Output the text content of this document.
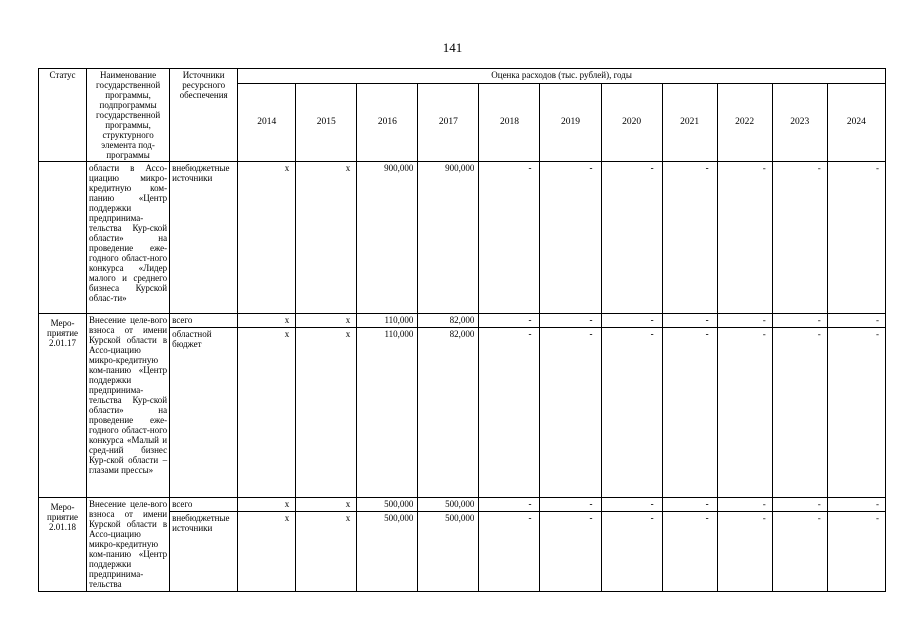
141
Статус	Наименование государственной программы, подпрограммы государственной программы, структурного элемента под-программы	Источники ресурсного обеспечения	Оценка расходов (тыс. рублей), годы										
			2014	2015	2016	2017	2018	2019	2020	2021	2022	2023	2024
	области в Ассо-циацию микро-кредитную ком-панию «Центр поддержки предпринима-тельства Кур-ской области» на проведение еже-годного област-ного конкурса «Лидер малого и среднего бизнеса Курской облас-ти»	внебюджетные источники	x	x	900,000	900,000	-	-	-	-	-	-	-
Меро-приятие 2.01.17	Внесение целе-вого взноса от имени Курской области в Ассо-циацию микро-кредитную ком-панию «Центр поддержки предпринима-тельства Кур-ской области» на проведение еже-годного област-ного конкурса «Малый и сред-ний бизнес Кур-ской области – глазами прессы»	всего	x	x	110,000	82,000	-	-	-	-	-	-	-
		областной бюджет	x	x	110,000	82,000	-	-	-	-	-	-	-
Меро-приятие 2.01.18	Внесение целе-вого взноса от имени Курской области в Ассо-циацию микро-кредитную ком-панию «Центр поддержки предпринима-тельства	всего	x	x	500,000	500,000	-	-	-	-	-	-	-
		внебюджетные источники	x	x	500,000	500,000	-	-	-	-	-	-	-
